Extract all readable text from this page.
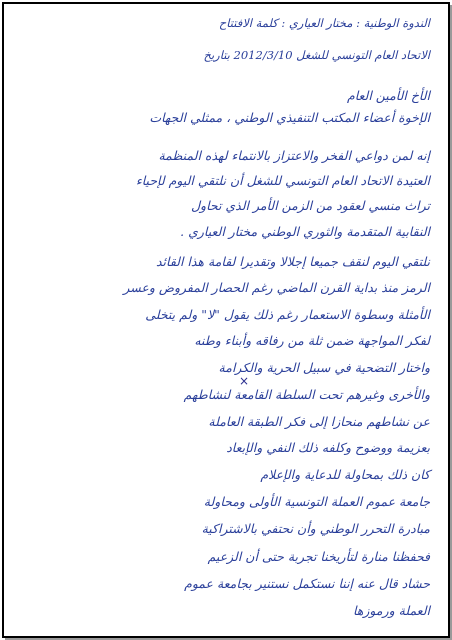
الندوة الوطنية : مختار العياري : كلمة الافتتاح
الاتحاد العام التونسي للشغل 2012/3/10 بتاريخ
الأخ الأمين العام
الإخوة أعضاء المكتب التنفيذي الوطني ، ممثلي الجهات
إنه لمن دواعي الفخر والاعتزاز بالانتماء لهذه المنظمة
العتيدة الاتحاد العام التونسي للشغل أن نلتقي اليوم لإحياء
تراث منسي لعقود من الزمن الأمر الذي تحاول
النقابية المتقدمة والثوري الوطني مختار العياري .
نلتقي اليوم لنقف جميعا إجلالا وتقديرا لقامة هذا القائد
الرمز منذ بداية القرن الماضي رغم الحصار المفروض وعسر
الأمثلة وسطوة الاستعمار رغم ذلك يقول "لا" ولم يتخلى
لفكر المواجهة ضمن ثلة من رفاقه وأبناء وطنه
واختار التضحية في سبيل الحرية والكرامة
والأخرى وغيرهم تحت السلطة القامعة لنشاطهم
عن نشاطهم منحازا إلى فكر الطبقة العاملة
بعزيمة ووضوح وكلفه ذلك النفي والإبعاد
كان ذلك بمحاولة للدعاية والإعلام
جامعة عموم العملة التونسية الأولى ومحاولة
مبادرة التحرر الوطني وأن نحتفي بالاشتراكية
فحفظنا منارة لتأريخنا تجربة حتى أن الزعيم
حشاد قال عنه إننا نستكمل نستنير بجامعة عموم
العملة ورموزها
×
